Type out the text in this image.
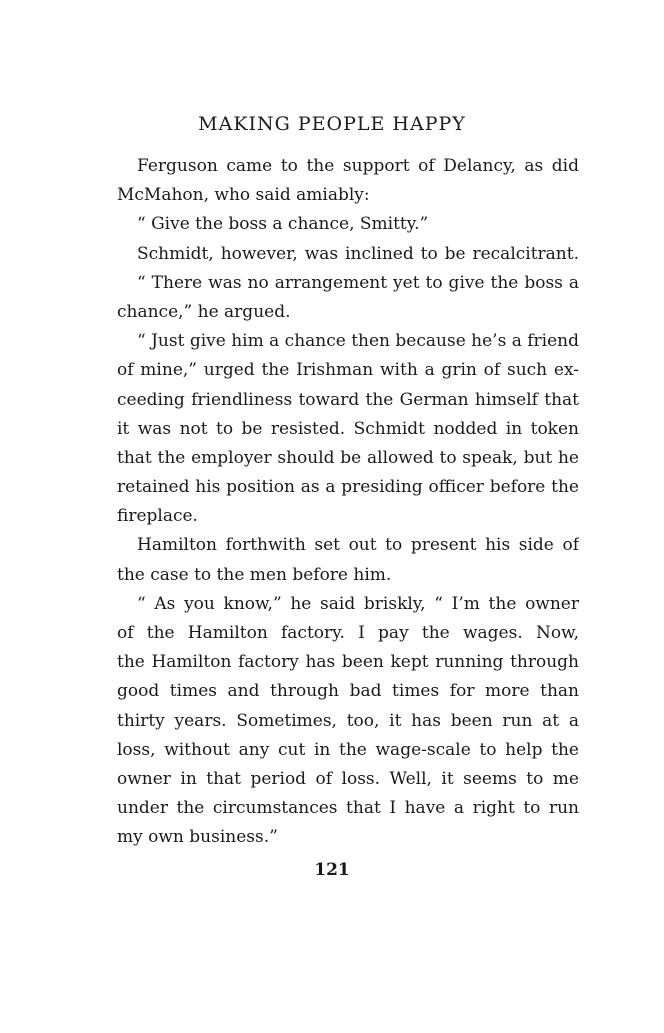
MAKING PEOPLE HAPPY
Ferguson came to the support of Delancy, as did
McMahon, who said amiably:
“ Give the boss a chance, Smitty.”
Schmidt, however, was inclined to be recalcitrant.
“ There was no arrangement yet to give the boss a
chance,” he argued.
“ Just give him a chance then because he’s a friend
of mine,” urged the Irishman with a grin of such ex-
ceeding friendliness toward the German himself that
it was not to be resisted. Schmidt nodded in token
that the employer should be allowed to speak, but he
retained his position as a presiding officer before the
fireplace.
Hamilton forthwith set out to present his side of
the case to the men before him.
“ As you know,” he said briskly, “ I’m the owner
of the Hamilton factory. I pay the wages. Now,
the Hamilton factory has been kept running through
good times and through bad times for more than
thirty years. Sometimes, too, it has been run at a
loss, without any cut in the wage-scale to help the
owner in that period of loss. Well, it seems to me
under the circumstances that I have a right to run
my own business.”
121
